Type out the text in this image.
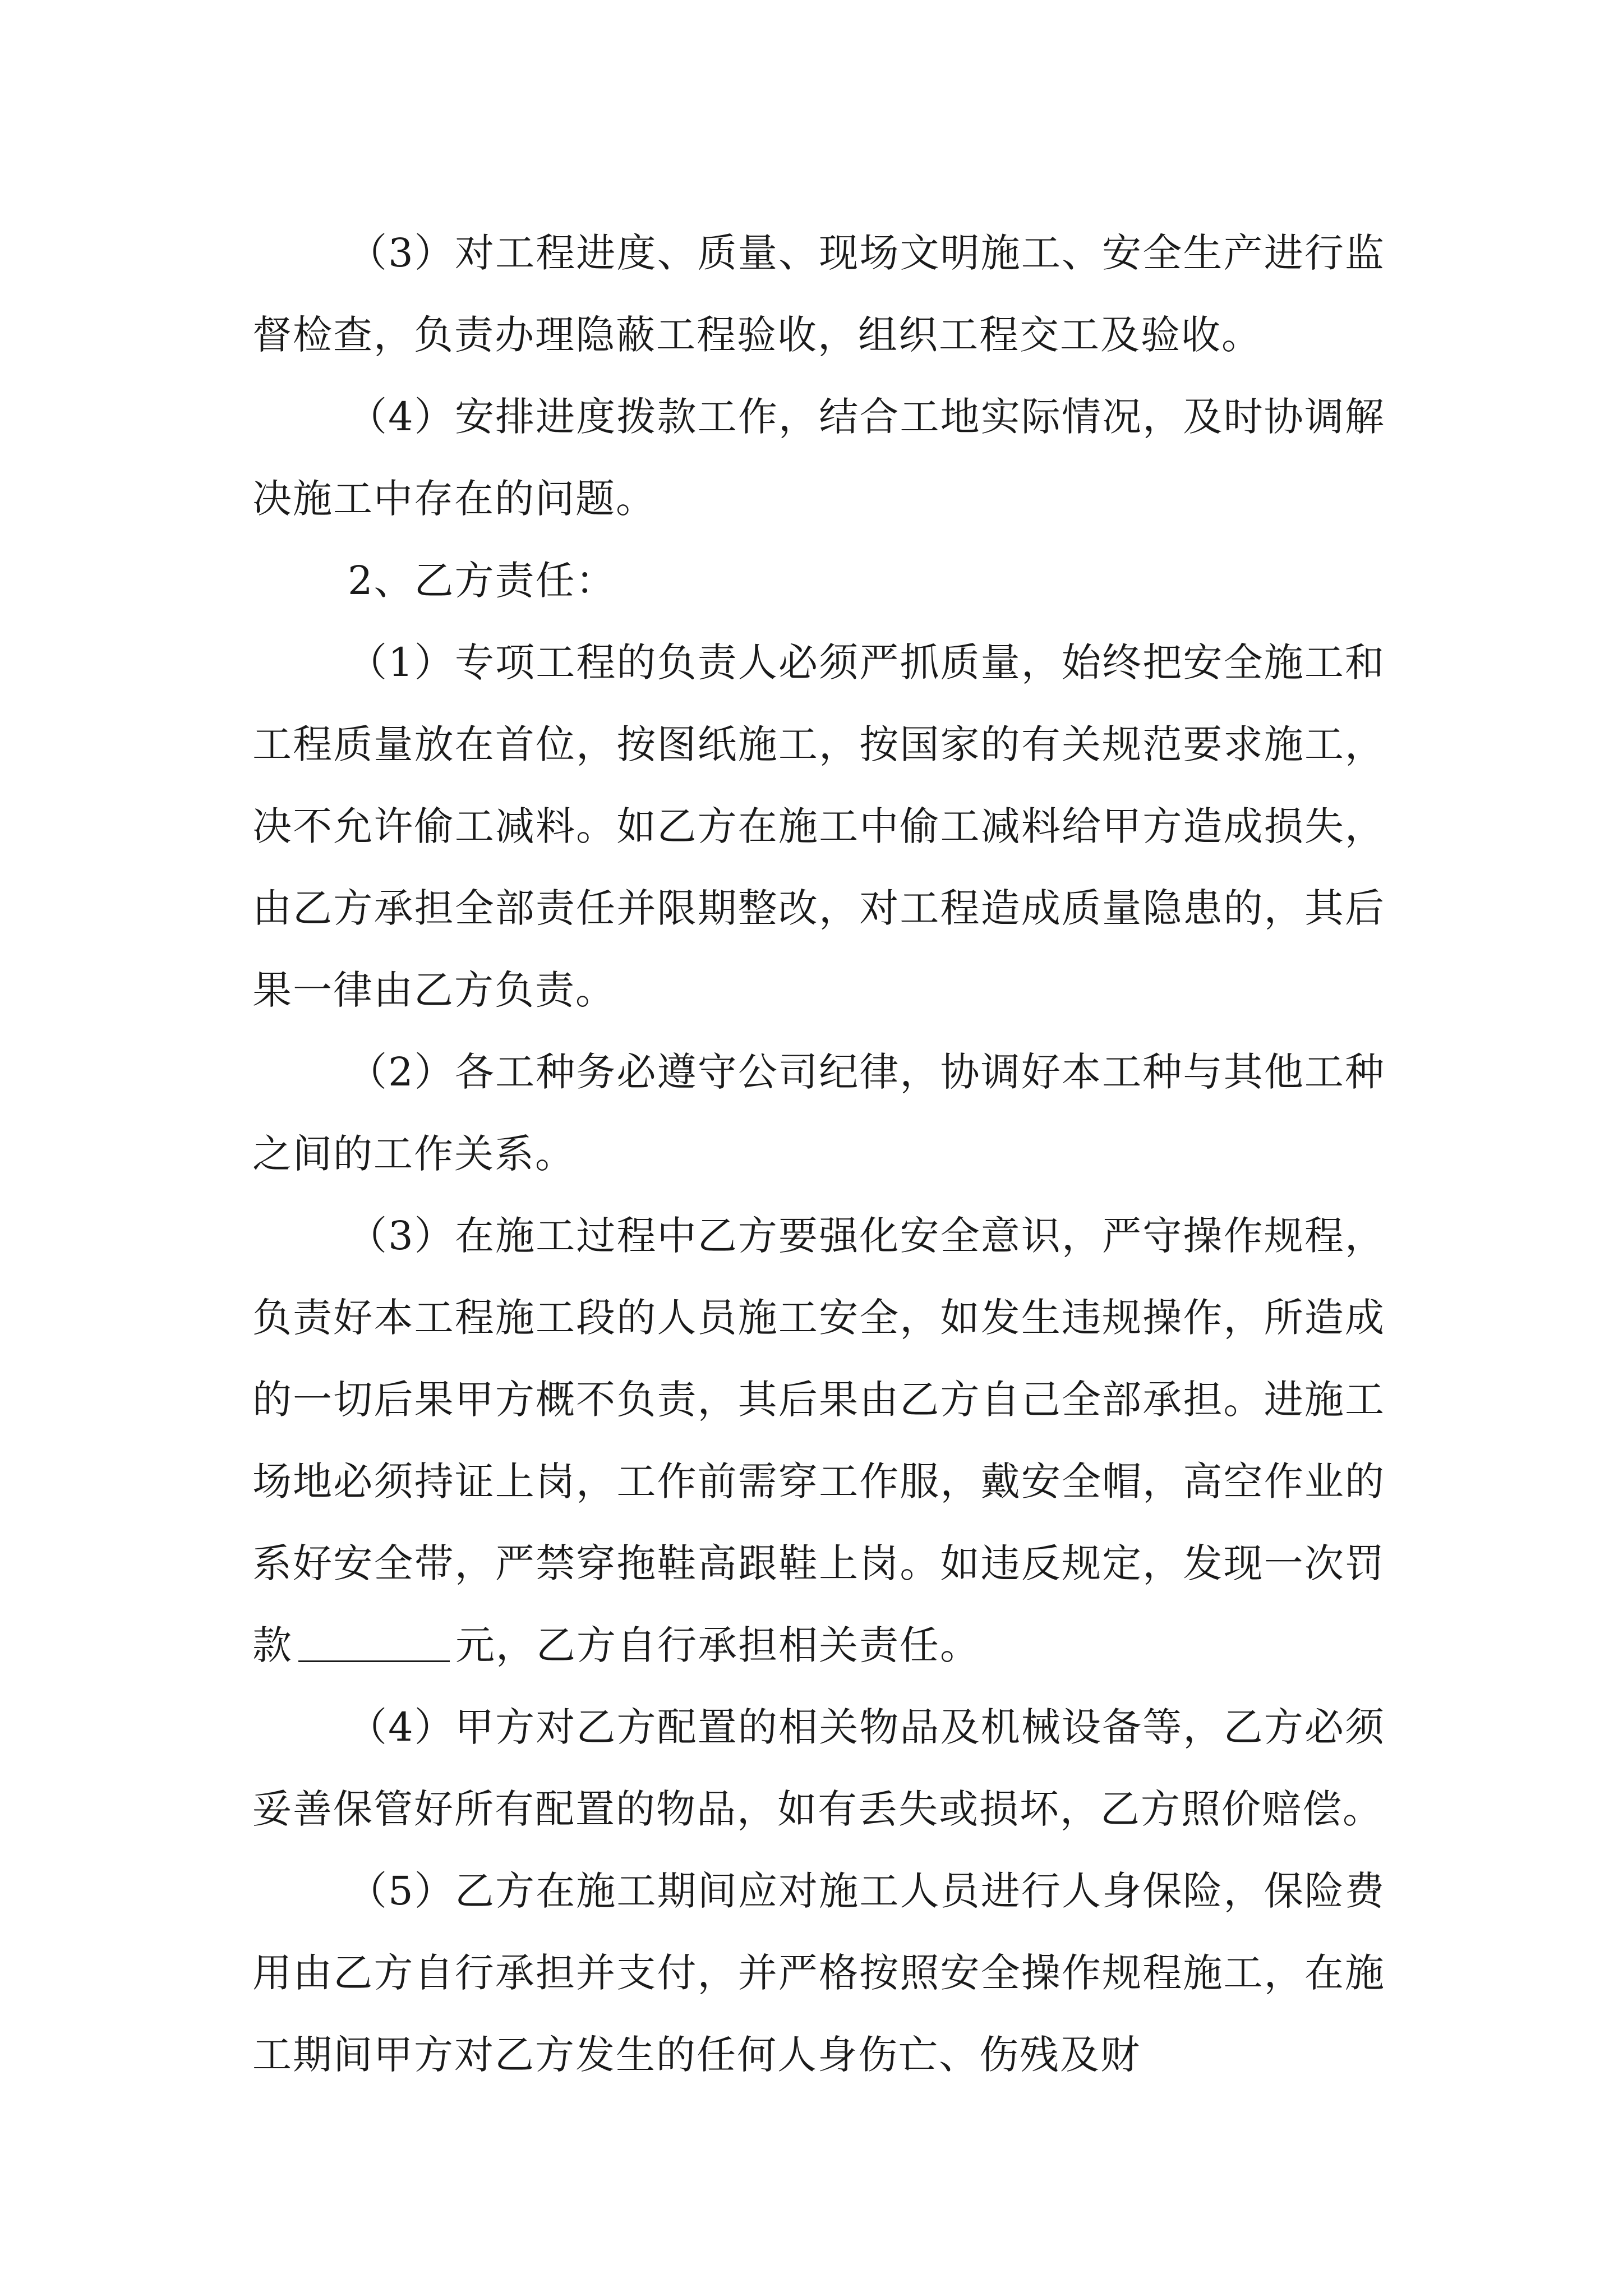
（3）对工程进度、质量、现场文明施工、安全生产进行监督检查，负责办理隐蔽工程验收，组织工程交工及验收。

（4）安排进度拨款工作，结合工地实际情况，及时协调解决施工中存在的问题。

2、乙方责任：

（1）专项工程的负责人必须严抓质量，始终把安全施工和工程质量放在首位，按图纸施工，按国家的有关规范要求施工，决不允许偷工减料。如乙方在施工中偷工减料给甲方造成损失，由乙方承担全部责任并限期整改，对工程造成质量隐患的，其后果一律由乙方负责。

（2）各工种务必遵守公司纪律，协调好本工种与其他工种之间的工作关系。

（3）在施工过程中乙方要强化安全意识，严守操作规程，负责好本工程施工段的人员施工安全，如发生违规操作，所造成的一切后果甲方概不负责，其后果由乙方自己全部承担。进施工场地必须持证上岗，工作前需穿工作服，戴安全帽，高空作业的系好安全带，严禁穿拖鞋高跟鞋上岗。如违反规定，发现一次罚款	元，乙方自行承担相关责任。

（4）甲方对乙方配置的相关物品及机械设备等，乙方必须妥善保管好所有配置的物品，如有丢失或损坏，乙方照价赔偿。

（5）乙方在施工期间应对施工人员进行人身保险，保险费用由乙方自行承担并支付，并严格按照安全操作规程施工，在施工期间甲方对乙方发生的任何人身伤亡、伤残及财
